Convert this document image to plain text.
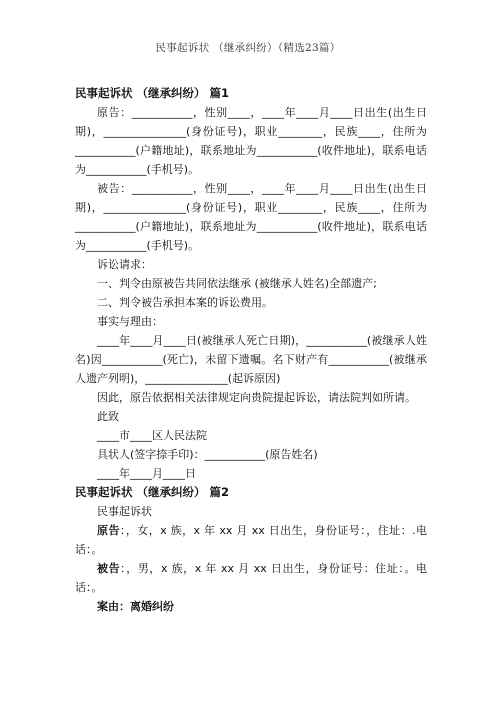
民事起诉状 （继承纠纷）（精选23篇）

民事起诉状 （继承纠纷） 篇1

原告：___________，性别____，____年____月____日出生(出生日期)，_______________(身份证号)，职业________，民族____，住所为___________(户籍地址)，联系地址为___________(收件地址)，联系电话为___________(手机号)。

被告：___________，性别____，____年____月____日出生(出生日期)，_______________(身份证号)，职业________，民族____，住所为___________(户籍地址)，联系地址为___________(收件地址)，联系电话为___________(手机号)。

诉讼请求：

一、判令由原被告共同依法继承 (被继承人姓名)全部遗产;

二、判令被告承担本案的诉讼费用。

事实与理由：

____年____月____日(被继承人死亡日期)，___________(被继承人姓名)因___________(死亡)，未留下遗嘱。名下财产有___________(被继承人遗产列明)，_______________(起诉原因)

因此，原告依据相关法律规定向贵院提起诉讼，请法院判如所请。

此致

____市____区人民法院

具状人(签字捺手印)：___________(原告姓名)

____年____月____日

民事起诉状 （继承纠纷） 篇2

民事起诉状

原告：，女，x 族，x 年 xx 月 xx 日出生，身份证号：，住址：.电话：。

被告：，男，x 族，x 年 xx 月 xx 日出生，身份证号：住址：。电话：。

案由：离婚纠纷
